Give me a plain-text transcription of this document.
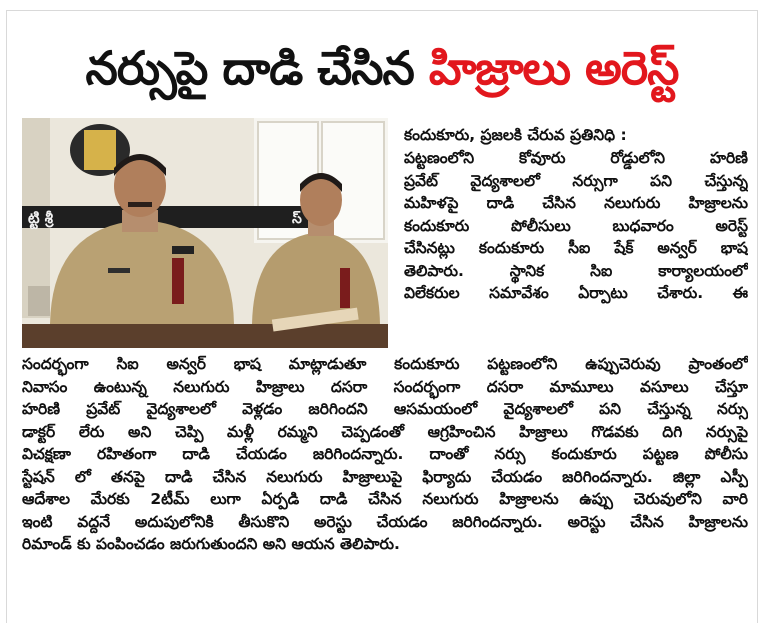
నర్సుపై దాడి చేసిన హిజ్రాలు అరెస్ట్
ట్టి శ్రీ	స్
కందుకూరు, ప్రజలకి చేరువ ప్రతినిధి :
పట్టణంలోని కోవూరు రోడ్డులోని హరిణి
ప్రవేట్ వైద్యశాలలో నర్సుగా పని చేస్తున్న
మహిళపై దాడి చేసిన నలుగురు హిజ్రాలను
కందుకూరు పోలీసులు బుధవారం అరెస్ట్
చేసినట్లు కందుకూరు సీఐ షేక్ అన్వర్ భాష
తెలిపారు. స్థానిక సిఐ కార్యాలయంలో
విలేకరుల సమావేశం ఏర్పాటు చేశారు. ఈ
సందర్భంగా సిఐ అన్వర్ భాష మాట్లాడుతూ కందుకూరు పట్టణంలోని ఉప్పుచెరువు ప్రాంతంలో
నివాసం ఉంటున్న నలుగురు హిజ్రాలు దసరా సందర్భంగా దసరా మామూలు వసూలు చేస్తూ
హరిణి ప్రవేట్ వైద్యశాలలో వెళ్లడం జరిగిందని ఆసమయంలో వైద్యశాలలో పని చేస్తున్న నర్సు
డాక్టర్ లేరు అని చెప్పి మళ్లీ రమ్మని చెప్పడంతో ఆగ్రహించిన హిజ్రాలు గొడవకు దిగి నర్సుపై
విచక్షణా రహితంగా దాడి చేయడం జరిగిందన్నారు. దాంతో నర్సు కందుకూరు పట్టణ పోలీసు
స్టేషన్ లో తనపై దాడి చేసిన నలుగురు హిజ్రాలుపై ఫిర్యాదు చేయడం జరిగిందన్నారు. జిల్లా ఎస్పీ
ఆదేశాల మేరకు 2టీమ్ లుగా ఏర్పడి దాడి చేసిన నలుగురు హిజ్రాలను ఉప్పు చెరువులోని వారి
ఇంటి వద్దనే అదుపులోనికి తీసుకొని అరెస్టు చేయడం జరిగిందన్నారు. అరెస్టు చేసిన హిజ్రాలను
రిమాండ్ కు పంపించడం జరుగుతుందని అని ఆయన తెలిపారు.
